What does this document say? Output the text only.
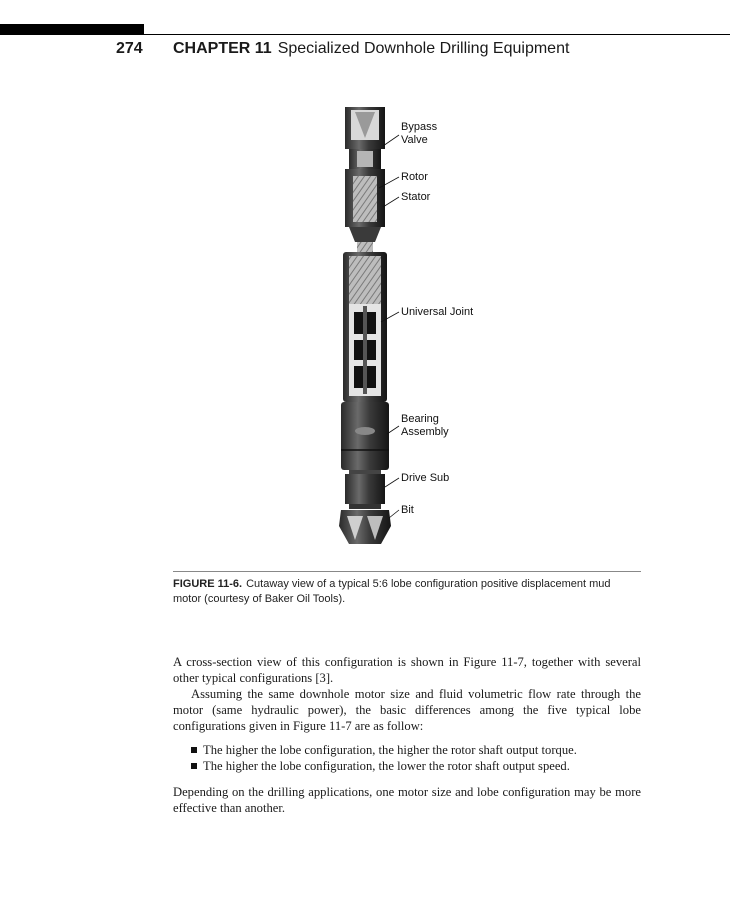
274 CHAPTER 11 Specialized Downhole Drilling Equipment
Bypass
Valve
Rotor
Stator
Universal Joint
Bearing
Assembly
Drive Sub
Bit
FIGURE 11-6. Cutaway view of a typical 5:6 lobe configuration positive displacement mud motor (courtesy of Baker Oil Tools).

A cross-section view of this configuration is shown in Figure 11-7, together with several other typical configurations [3].

Assuming the same downhole motor size and fluid volumetric flow rate through the motor (same hydraulic power), the basic differences among the five typical lobe configurations given in Figure 11-7 are as follow:

The higher the lobe configuration, the higher the rotor shaft output torque.
The higher the lobe configuration, the lower the rotor shaft output speed.

Depending on the drilling applications, one motor size and lobe configuration may be more effective than another.
